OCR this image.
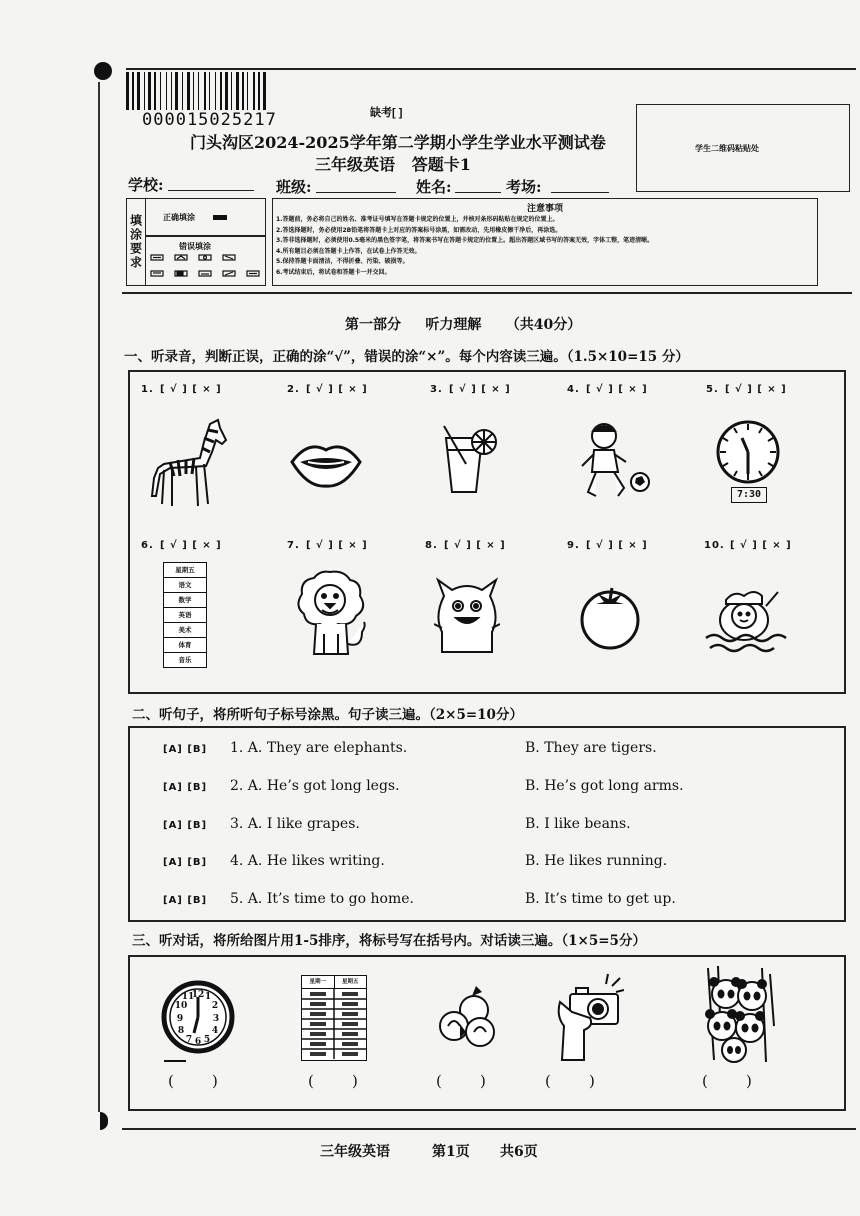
000015025217	缺考[ ]
门头沟区2024-2025学年第二学期小学生学业水平测试卷
三年级英语   答题卡1
学生二维码粘贴处
学校:	班级:	姓名:	考场:
填涂要求	正确填涂
错误填涂
注意事项
1.答题前，务必将自己的姓名、准考证号填写在答题卡规定的位置上，并核对条形码粘贴在规定的位置上。
2.答选择题时，务必使用2B铅笔将答题卡上对应的答案标号涂黑，如需改动，先用橡皮擦干净后，再涂选。
3.答非选择题时，必须使用0.5毫米的黑色签字笔，将答案书写在答题卡规定的位置上。超出答题区域书写的答案无效，字体工整，笔迹清晰。
4.所有题目必须在答题卡上作答，在试卷上作答无效。
5.保持答题卡面清洁，不得折叠、污染、破损等。
6.考试结束后，将试卷和答题卡一并交回。
第一部分     听力理解     （共40分）
一、听录音，判断正误，正确的涂“√”，错误的涂“×”。每个内容读三遍。（1.5×10=15 分）
1. [ √ ] [ × ]	2. [ √ ] [ × ]	3. [ √ ] [ × ]	4. [ √ ] [ × ]	5. [ √ ] [ × ]
7:30
6. [ √ ] [ × ]	7. [ √ ] [ × ]	8. [ √ ] [ × ]	9. [ √ ] [ × ]	10. [ √ ] [ × ]
星期五
语文
数学
英语
美术
体育
音乐
二、听句子，将所听句子标号涂黑。句子读三遍。（2×5=10分）
[A] [B] 1. A. They are elephants.	B. They are tigers.
[A] [B] 2. A. He’s got long legs.	B. He’s got long arms.
[A] [B] 3. A. I like grapes.	B. I like beans.
[A] [B] 4. A. He likes writing.	B. He likes running.
[A] [B] 5. A. It’s time to go home.	B. It’s time to get up.
三、听对话，将所给图片用1-5排序，将标号写在括号内。对话读三遍。（1×5=5分）
12
3
6
9
1
2
4
5
7
8
10
11
星期一	星期五
(        )	(        )	(        )	(        )	(        )
三年级英语	第1页 共6页
